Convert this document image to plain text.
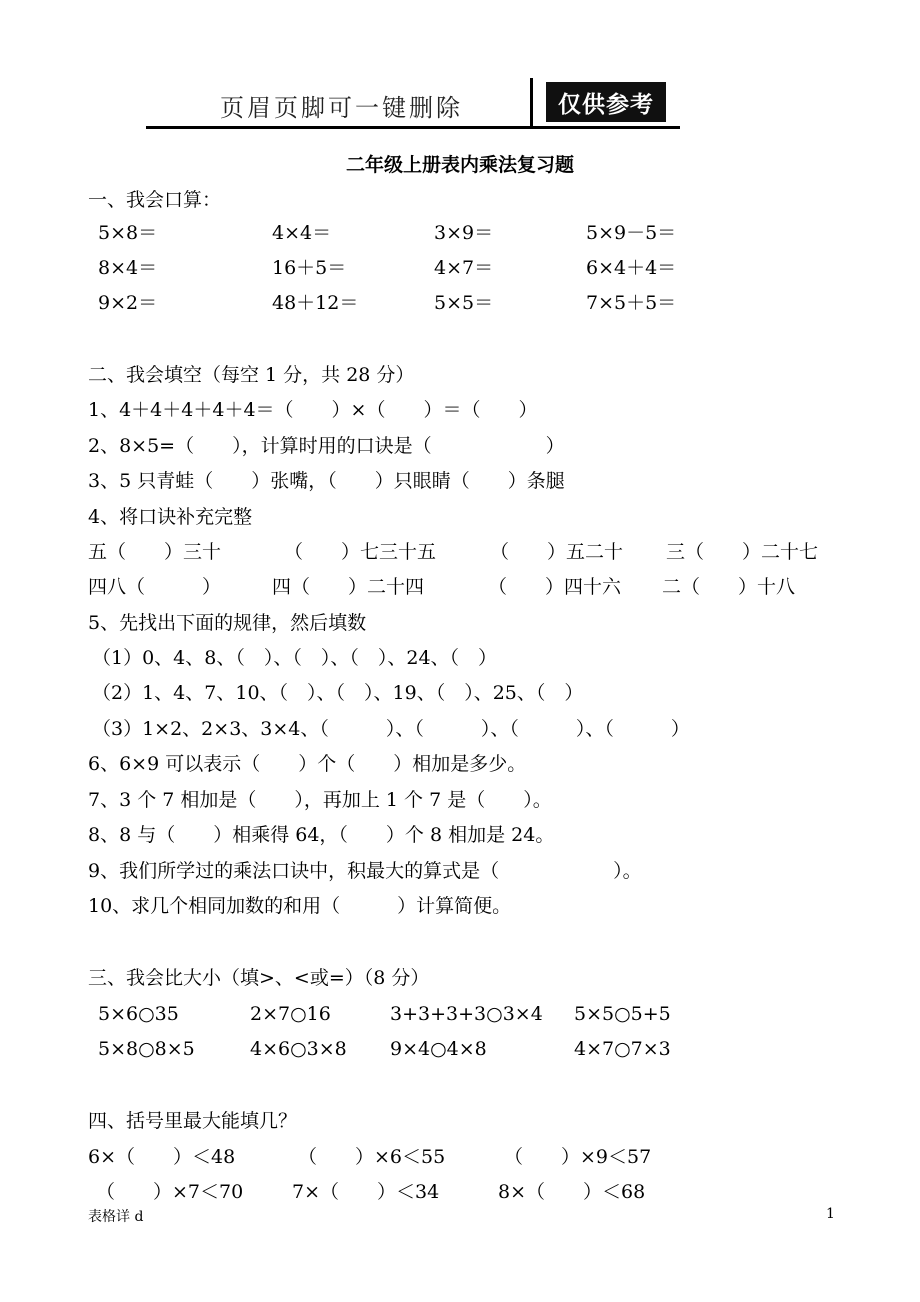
页眉页脚可一键删除	仅供参考
二年级上册表内乘法复习题
一、我会口算：
5×8＝	4×4＝	3×9＝	5×9－5＝
8×4＝	16＋5＝	4×7＝	6×4＋4＝
9×2＝	48＋12＝	5×5＝	7×5＋5＝
二、我会填空（每空 1 分，共 28 分）
1、4＋4＋4＋4＋4＝（　　）×（　　）＝（　　）
2、8×5=（　　），计算时用的口诀是（　　　　　　）
3、5 只青蛙（　　）张嘴，（　　）只眼睛（　　）条腿
4、将口诀补充完整
五（　　）三十	（　　）七三十五	（　　）五二十 三（　　）二十七
四八（　　　）	四（　　）二十四	（　　）四十六 二（　　）十八
5、先找出下面的规律，然后填数
（1）0、4、8、（　）、（　）、（　）、24、（　）
（2）1、4、7、10、（　）、（　）、19、（　）、25、（　）
（3）1×2、2×3、3×4、（　　　）、（　　　）、（　　　）、（　　　）
6、6×9 可以表示（　　）个（　　）相加是多少。
7、3 个 7 相加是（　　），再加上 1 个 7 是（　　）。
8、8 与（　　）相乘得 64，（　　）个 8 相加是 24。
9、我们所学过的乘法口诀中，积最大的算式是（　　　　　　）。
10、求几个相同加数的和用（　　　）计算简便。
三、我会比大小（填>、<或=）（8 分）
5×6○35	2×7○16	3+3+3+3○3×4 5×5○5+5
5×8○8×5	4×6○3×8 9×4○4×8	4×7○7×3
四、括号里最大能填几？
6×（　　）＜48	（　　）×6＜55	（　　）×9＜57
（　　）×7＜70	7×（　　）＜34	8×（　　）＜68
表格详 d	1
